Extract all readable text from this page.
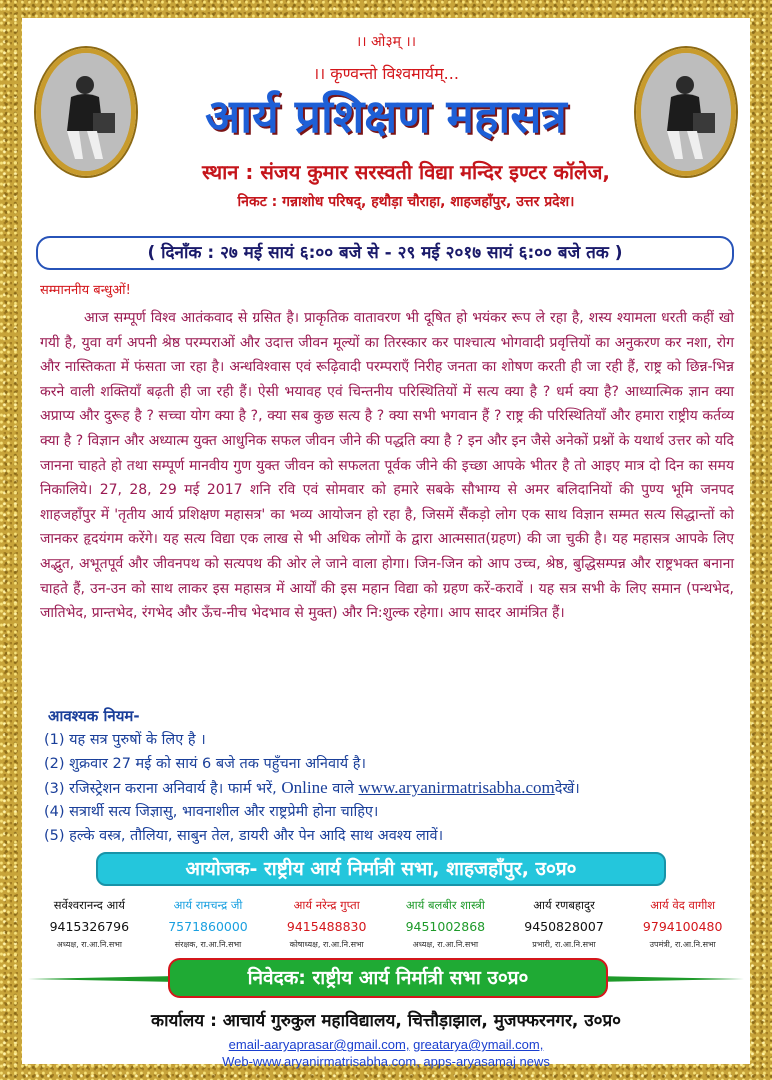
।। ओ३म् ।।
।। कृण्वन्तो विश्वमार्यम्...
आर्य प्रशिक्षण महासत्र
स्थान : संजय कुमार सरस्वती विद्या मन्दिर इण्टर कॉलेज,
निकट : गन्नाशोध परिषद्, हथौड़ा चौराहा, शाहजहाँपुर, उत्तर प्रदेश।
( दिनाँक : २७ मई सायं ६:०० बजे से - २९ मई २०१७ सायं ६:०० बजे तक )
सम्माननीय बन्धुओं!

आज सम्पूर्ण विश्व आतंकवाद से ग्रसित है। प्राकृतिक वातावरण भी दूषित हो भयंकर रूप ले रहा है, शस्य श्यामला धरती कहीं खो गयी है, युवा वर्ग अपनी श्रेष्ठ परम्पराओं और उदात्त जीवन मूल्यों का तिरस्कार कर पाश्चात्य भोगवादी प्रवृत्तियों का अनुकरण कर नशा, रोग और नास्तिकता में फंसता जा रहा है। अन्धविश्वास एवं रूढ़िवादी परम्पराएँ निरीह जनता का शोषण करती ही जा रही हैं, राष्ट्र को छिन्न-भिन्न करने वाली शक्तियाँ बढ़ती ही जा रही हैं। ऐसी भयावह एवं चिन्तनीय परिस्थितियों में सत्य क्या है ? धर्म क्या है? आध्यात्मिक ज्ञान क्या अप्राप्य और दुरूह है ? सच्चा योग क्या है ?, क्या सब कुछ सत्य है ? क्या सभी भगवान हैं ? राष्ट्र की परिस्थितियाँ और हमारा राष्ट्रीय कर्तव्य क्या है ? विज्ञान और अध्यात्म युक्त आधुनिक सफल जीवन जीने की पद्धति क्या है ? इन और इन जैसे अनेकों प्रश्नों के यथार्थ उत्तर को यदि जानना चाहते हो तथा सम्पूर्ण मानवीय गुण युक्त जीवन को सफलता पूर्वक जीने की इच्छा आपके भीतर है तो आइए मात्र दो दिन का समय निकालिये। 27, 28, 29 मई 2017 शनि रवि एवं सोमवार को हमारे सबके सौभाग्य से अमर बलिदानियों की पुण्य भूमि जनपद शाहजहाँपुर में 'तृतीय आर्य प्रशिक्षण महासत्र' का भव्य आयोजन हो रहा है, जिसमें सैंकड़ो लोग एक साथ विज्ञान सम्मत सत्य सिद्धान्तों को जानकर हृदयंगम करेंगे। यह सत्य विद्या एक लाख से भी अधिक लोगों के द्वारा आत्मसात(ग्रहण) की जा चुकी है। यह महासत्र आपके लिए अद्भुत, अभूतपूर्व और जीवनपथ को सत्यपथ की ओर ले जाने वाला होगा। जिन-जिन को आप उच्च, श्रेष्ठ, बुद्धिसम्पन्न और राष्ट्रभक्त बनाना चाहते हैं, उन-उन को साथ लाकर इस महासत्र में आर्यों की इस महान विद्या को ग्रहण करें-करावें । यह सत्र सभी के लिए समान (पन्थभेद, जातिभेद, प्रान्तभेद, रंगभेद और ऊँच-नीच भेदभाव से मुक्त) और नि:शुल्क रहेगा। आप सादर आमंत्रित हैं।

आवश्यक नियम-
(1) यह सत्र पुरुषों के लिए है ।
(2) शुक्रवार 27 मई को सायं 6 बजे तक पहुँचना अनिवार्य है।
(3) रजिस्ट्रेशन कराना अनिवार्य है। फार्म भरें, Online वाले www.aryanirmatrisabha.comदेखें।
(4) सत्रार्थी सत्य जिज्ञासु, भावनाशील और राष्ट्रप्रेमी होना चाहिए।
(5) हल्के वस्त्र, तौलिया, साबुन तेल, डायरी और पेन आदि साथ अवश्य लावें।
आयोजक- राष्ट्रीय आर्य निर्मात्री सभा, शाहजहाँपुर, उ०प्र०
सर्वेश्वरानन्द आर्य
9415326796
अध्यक्ष, रा.आ.नि.सभा
आर्य रामचन्द्र जी
7571860000
संरक्षक, रा.आ.नि.सभा
आर्य नरेन्द्र गुप्ता
9415488830
कोषाध्यक्ष, रा.आ.नि.सभा
आर्य बलबीर शास्त्री
9451002868
अध्यक्ष, रा.आ.नि.सभा
आर्य रणबहादुर
9450828007
प्रभारी, रा.आ.नि.सभा
आर्य वेद वागीश
9794100480
उपमंत्री, रा.आ.नि.सभा
निवेदक: राष्ट्रीय आर्य निर्मात्री सभा उ०प्र०
कार्यालय : आचार्य गुरुकुल महाविद्यालय, चित्तौड़ाझाल, मुजफ्फरनगर, उ०प्र०
email-aaryaprasar@gmail.com, greatarya@ymail.com,
Web-www.aryanirmatrisabha.com, apps-aryasamaj news
